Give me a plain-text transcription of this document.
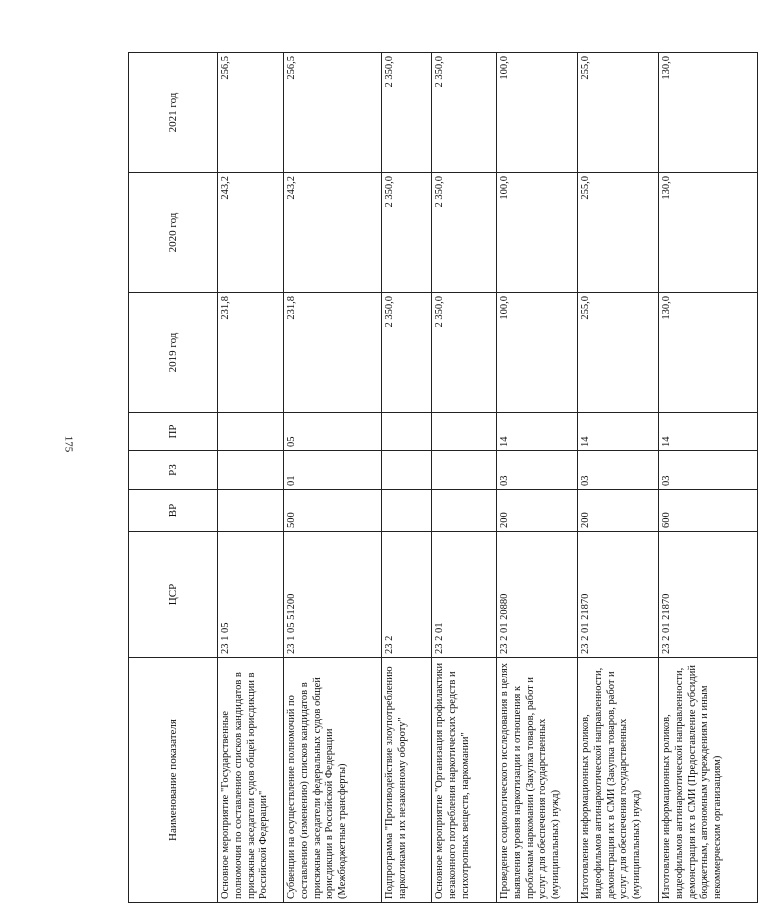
175
Наименование показателя	ЦСР	ВР	РЗ	ПР	2019 год	2020 год	2021 год
Основное мероприятие "Государственные полномочия по составлению списков кандидатов в присяжные заседатели судов общей юрисдикции в Российской Федерации"	23 1 05				231,8	243,2	256,5
Субвенции на осуществление полномочий по составлению (изменению) списков кандидатов в присяжные заседатели федеральных судов общей юрисдикции в Российской Федерации (Межбюджетные трансферты)	23 1 05 51200	500	01	05	231,8	243,2	256,5
Подпрограмма "Противодействие злоупотреблению наркотиками и их незаконному обороту"	23 2				2 350,0	2 350,0	2 350,0
Основное мероприятие "Организация профилактики незаконного потребления наркотических средств и психотропных веществ, наркомании"	23 2 01				2 350,0	2 350,0	2 350,0
Проведение социологического исследования в целях выявления уровня наркотизации и отношения к проблемам наркомании (Закупка товаров, работ и услуг для обеспечения государственных (муниципальных) нужд)	23 2 01 20880	200	03	14	100,0	100,0	100,0
Изготовление информационных роликов, видеофильмов антинаркотической направленности, демонстрация их в СМИ (Закупка товаров, работ и услуг для обеспечения государственных (муниципальных) нужд)	23 2 01 21870	200	03	14	255,0	255,0	255,0
Изготовление информационных роликов, видеофильмов антинаркотической направленности, демонстрация их в СМИ (Предоставление субсидий бюджетным, автономным учреждениям и иным некоммерческим организациям)	23 2 01 21870	600	03	14	130,0	130,0	130,0
